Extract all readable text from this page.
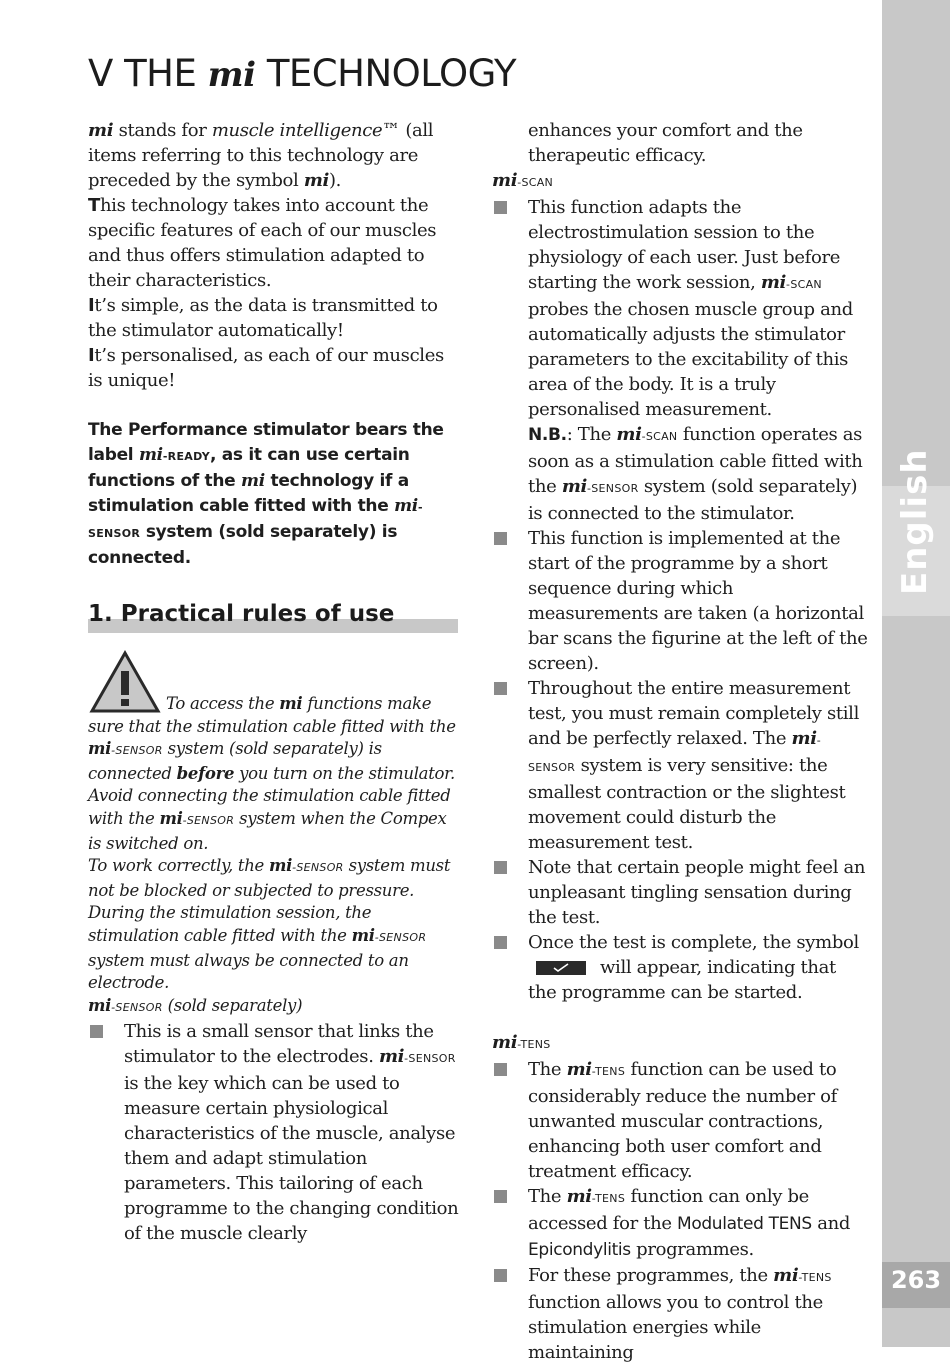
English
263
V THE mi TECHNOLOGY

mi stands for muscle intelligence™ (all items referring to this technology are preceded by the symbol mi).

This technology takes into account the specific features of each of our muscles and thus offers stimulation adapted to their characteristics.

It’s simple, as the data is transmitted to the stimulator automatically!

It’s personalised, as each of our muscles is unique!

The Performance stimulator bears the label mi-READY, as it can use certain functions of the mi technology if a stimulation cable fitted with the mi-SENSOR system (sold separately) is connected.

1. Practical rules of use

To access the mi functions make sure that the stimulation cable fitted with the mi-SENSOR system (sold separately) is connected before you turn on the stimulator.

Avoid connecting the stimulation cable fitted with the mi-SENSOR system when the Compex is switched on.

To work correctly, the mi-SENSOR system must not be blocked or subjected to pressure.

During the stimulation session, the stimulation cable fitted with the mi-SENSOR system must always be connected to an electrode.

mi-SENSOR (sold separately)

This is a small sensor that links the stimulator to the electrodes. mi-SENSOR is the key which can be used to measure certain physiological characteristics of the muscle, analyse them and adapt stimulation parameters. This tailoring of each programme to the changing condition of the muscle clearly

enhances your comfort and the therapeutic efficacy.

mi-SCAN

This function adapts the electrostimulation session to the physiology of each user. Just before starting the work session, mi-SCAN probes the chosen muscle group and automatically adjusts the stimulator parameters to the excitability of this area of the body. It is a truly personalised measurement.
N.B.: The mi-SCAN function operates as soon as a stimulation cable fitted with the mi-SENSOR system (sold separately) is connected to the stimulator.

This function is implemented at the start of the programme by a short sequence during which measurements are taken (a horizontal bar scans the figurine at the left of the screen).

Throughout the entire measurement test, you must remain completely still and be perfectly relaxed. The mi-SENSOR system is very sensitive: the smallest contraction or the slightest movement could disturb the measurement test.

Note that certain people might feel an unpleasant tingling sensation during the test.

Once the test is complete, the symbol

will appear, indicating that the programme can be started.

mi-TENS

The mi-TENS function can be used to considerably reduce the number of unwanted muscular contractions, enhancing both user comfort and treatment efficacy.

The mi-TENS function can only be accessed for the Modulated TENS and Epicondylitis programmes.

For these programmes, the mi-TENS function allows you to control the stimulation energies while maintaining
